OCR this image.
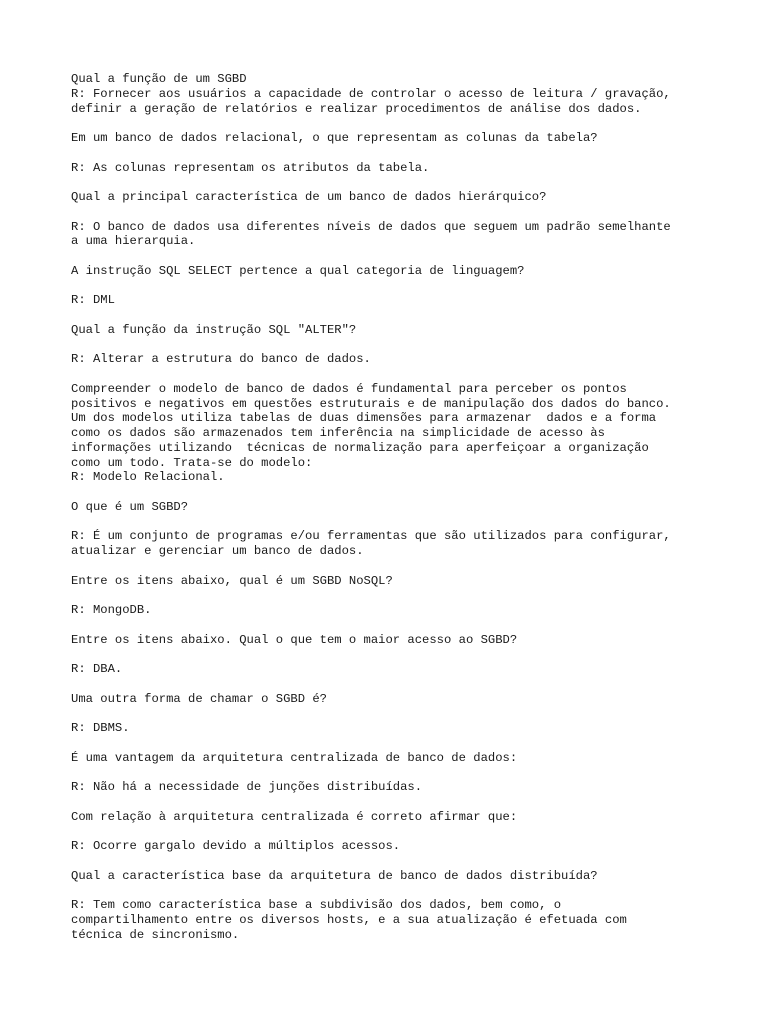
Qual a função de um SGBD
R: Fornecer aos usuários a capacidade de controlar o acesso de leitura / gravação,
definir a geração de relatórios e realizar procedimentos de análise dos dados.

Em um banco de dados relacional, o que representam as colunas da tabela?

R: As colunas representam os atributos da tabela.

Qual a principal característica de um banco de dados hierárquico?

R: O banco de dados usa diferentes níveis de dados que seguem um padrão semelhante
a uma hierarquia.

A instrução SQL SELECT pertence a qual categoria de linguagem?

R: DML

Qual a função da instrução SQL "ALTER"?

R: Alterar a estrutura do banco de dados.

Compreender o modelo de banco de dados é fundamental para perceber os pontos
positivos e negativos em questões estruturais e de manipulação dos dados do banco.
Um dos modelos utiliza tabelas de duas dimensões para armazenar  dados e a forma
como os dados são armazenados tem inferência na simplicidade de acesso às
informações utilizando  técnicas de normalização para aperfeiçoar a organização
como um todo. Trata-se do modelo:
R: Modelo Relacional.

O que é um SGBD?

R: É um conjunto de programas e/ou ferramentas que são utilizados para configurar,
atualizar e gerenciar um banco de dados.

Entre os itens abaixo, qual é um SGBD NoSQL?

R: MongoDB.

Entre os itens abaixo. Qual o que tem o maior acesso ao SGBD?

R: DBA.

Uma outra forma de chamar o SGBD é?

R: DBMS.

É uma vantagem da arquitetura centralizada de banco de dados:

R: Não há a necessidade de junções distribuídas.

Com relação à arquitetura centralizada é correto afirmar que:

R: Ocorre gargalo devido a múltiplos acessos.

Qual a característica base da arquitetura de banco de dados distribuída?

R: Tem como característica base a subdivisão dos dados, bem como, o
compartilhamento entre os diversos hosts, e a sua atualização é efetuada com
técnica de sincronismo.
